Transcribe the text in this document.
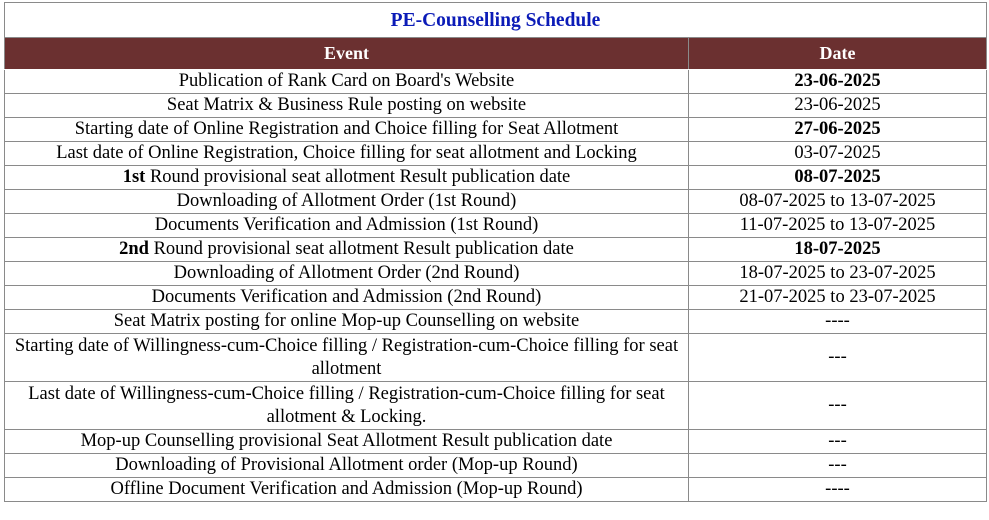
PE-Counselling Schedule	
Event	Date
Publication of Rank Card on Board's Website	23-06-2025
Seat Matrix & Business Rule posting on website	23-06-2025
Starting date of Online Registration and Choice filling for Seat Allotment	27-06-2025
Last date of Online Registration, Choice filling for seat allotment and Locking	03-07-2025
1st Round provisional seat allotment Result publication date	08-07-2025
Downloading of Allotment Order (1st Round)	08-07-2025 to 13-07-2025
Documents Verification and Admission (1st Round)	11-07-2025 to 13-07-2025
2nd Round provisional seat allotment Result publication date	18-07-2025
Downloading of Allotment Order (2nd Round)	18-07-2025 to 23-07-2025
Documents Verification and Admission (2nd Round)	21-07-2025 to 23-07-2025
Seat Matrix posting for online Mop-up Counselling on website	----
Starting date of Willingness-cum-Choice filling / Registration-cum-Choice filling for seat allotment	---
Last date of Willingness-cum-Choice filling / Registration-cum-Choice filling for seat allotment & Locking.	---
Mop-up Counselling provisional Seat Allotment Result publication date	---
Downloading of Provisional Allotment order (Mop-up Round)	---
Offline Document Verification and Admission (Mop-up Round)	----
